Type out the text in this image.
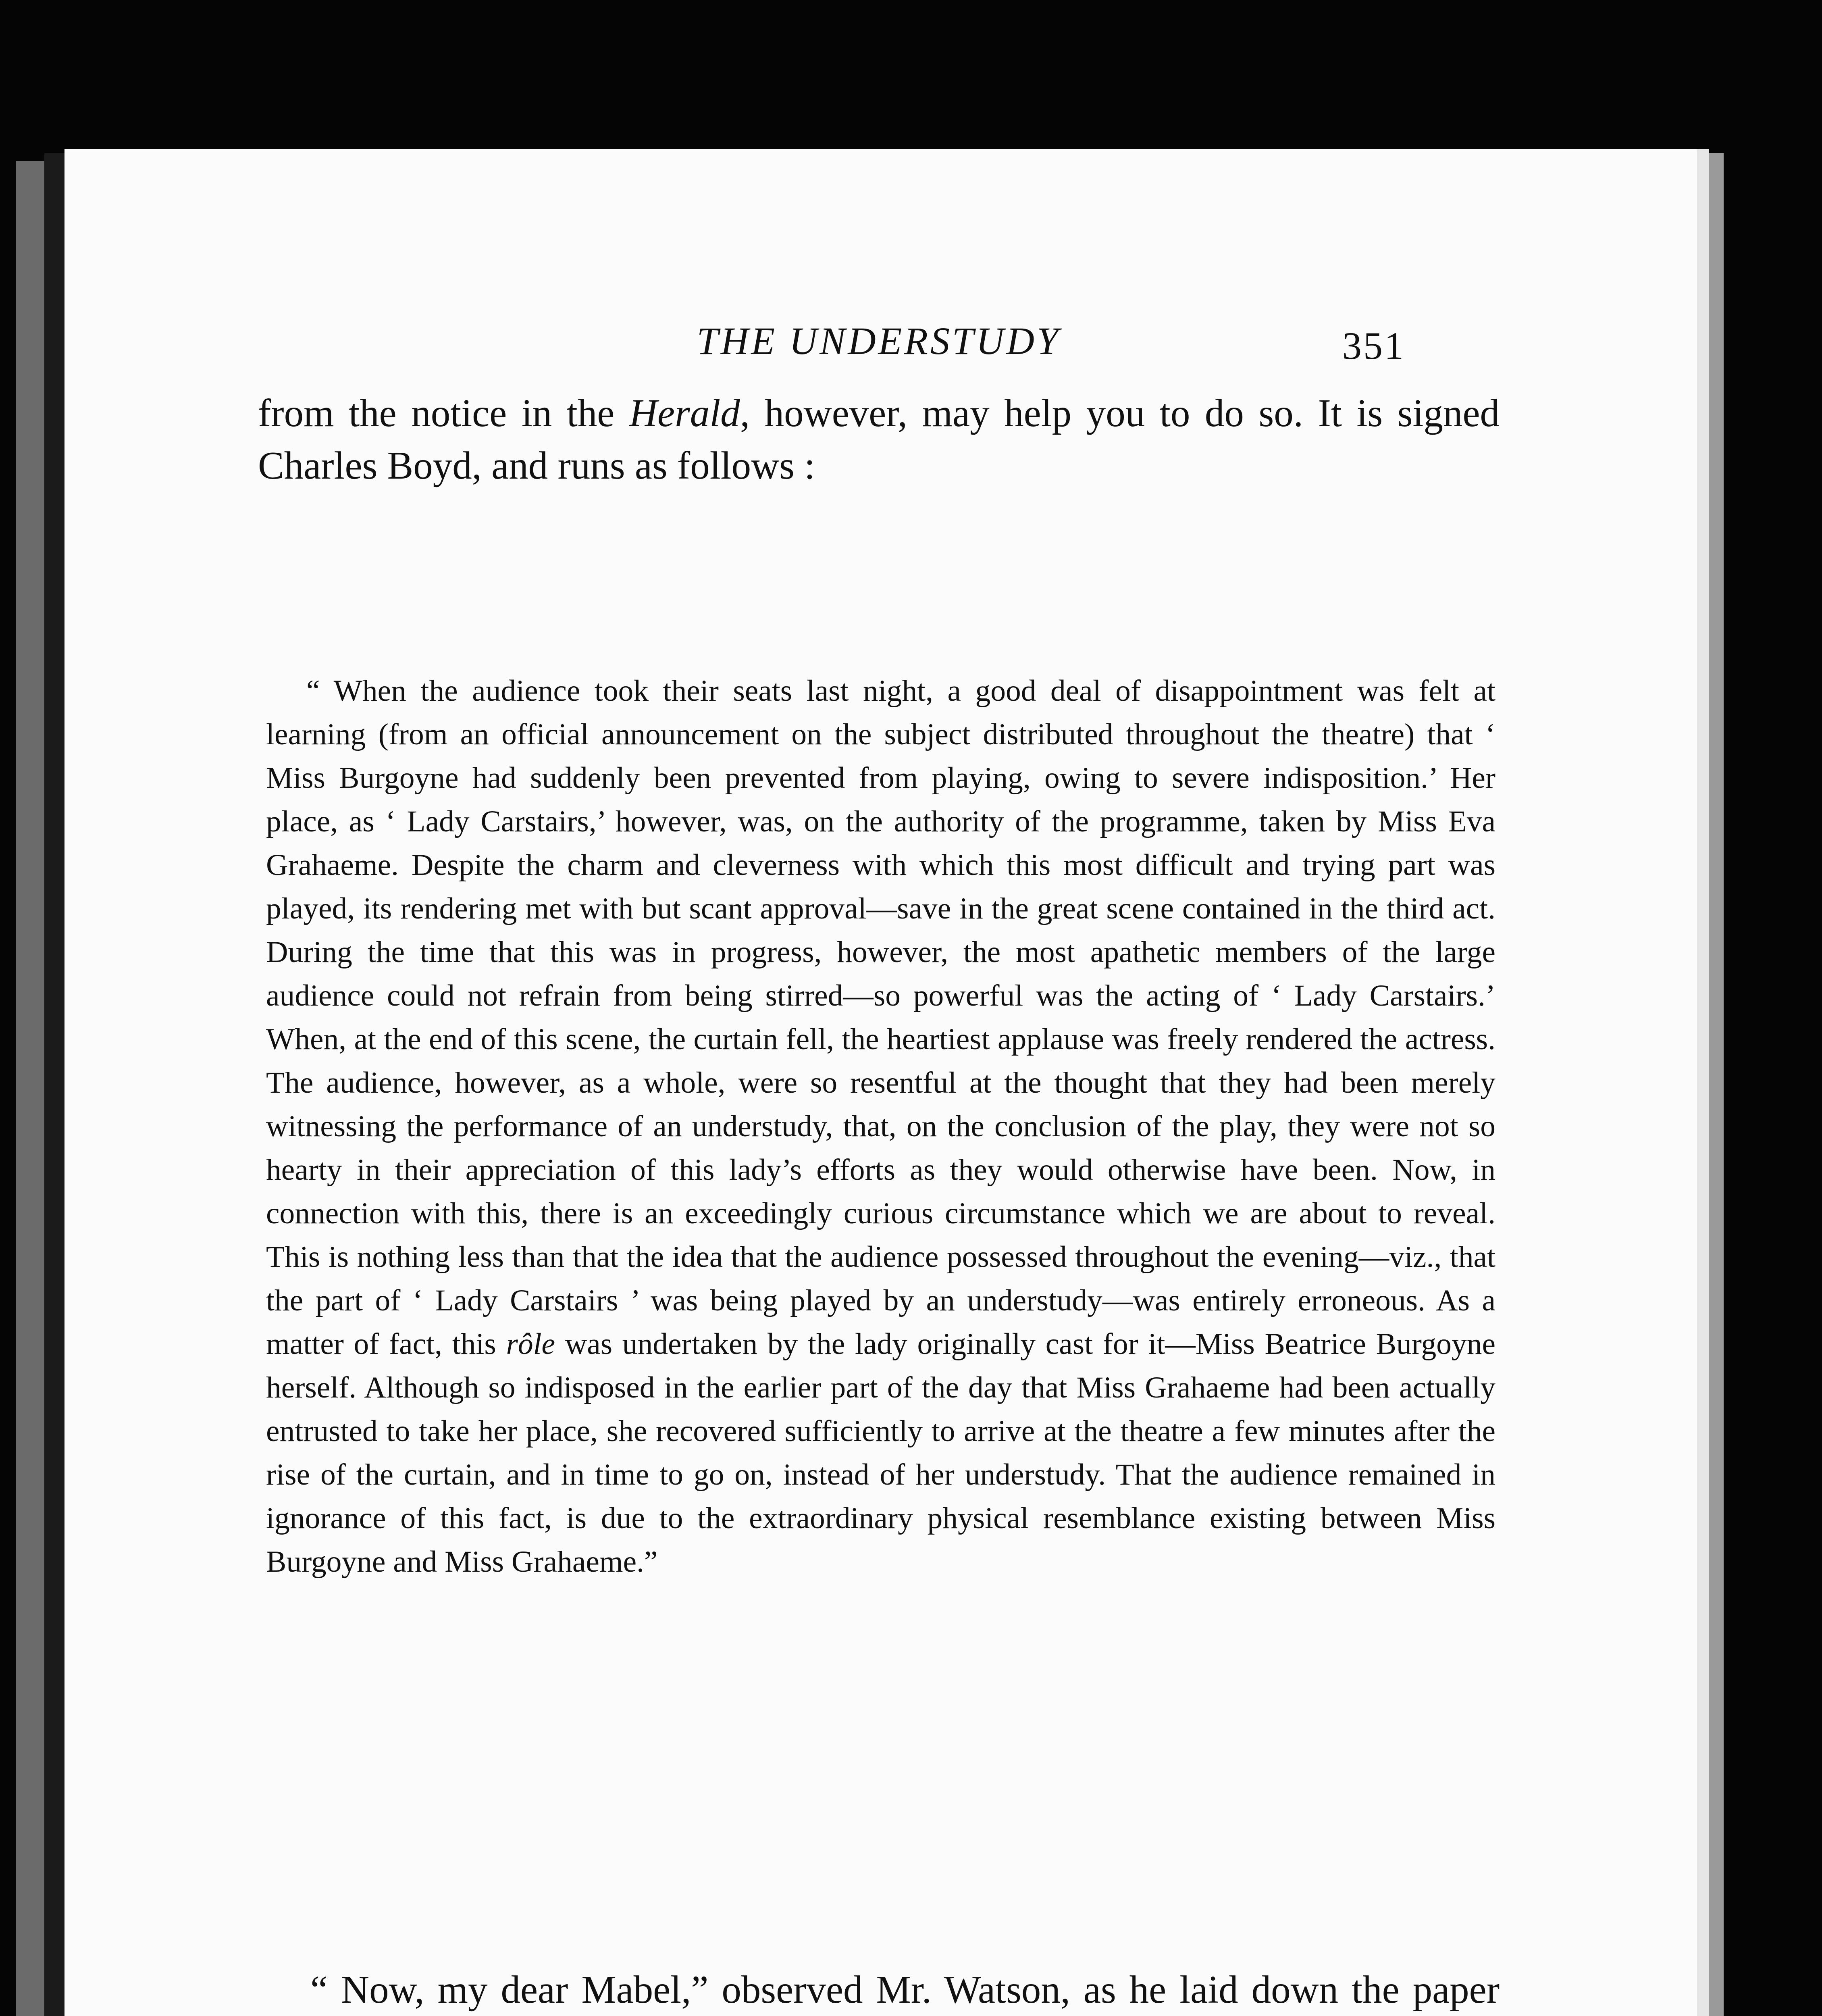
THE UNDERSTUDY	351

from the notice in the Herald, however, may help you to do so. It is signed Charles Boyd, and runs as follows :

“ When the audience took their seats last night, a good deal of disappointment was felt at learning (from an official announcement on the subject distributed throughout the theatre) that ‘ Miss Burgoyne had suddenly been prevented from playing, owing to severe indisposition.’ Her place, as ‘ Lady Carstairs,’ however, was, on the authority of the programme, taken by Miss Eva Grahaeme. Despite the charm and cleverness with which this most difficult and trying part was played, its rendering met with but scant approval—save in the great scene contained in the third act. During the time that this was in progress, however, the most apathetic members of the large audience could not refrain from being stirred—so powerful was the acting of ‘ Lady Carstairs.’ When, at the end of this scene, the curtain fell, the heartiest applause was freely rendered the actress. The audience, however, as a whole, were so resentful at the thought that they had been merely witnessing the performance of an understudy, that, on the conclusion of the play, they were not so hearty in their appreciation of this lady’s efforts as they would otherwise have been. Now, in connection with this, there is an exceedingly curious circumstance which we are about to reveal. This is nothing less than that the idea that the audience possessed throughout the evening—viz., that the part of ‘ Lady Carstairs ’ was being played by an understudy—was entirely erroneous. As a matter of fact, this rôle was undertaken by the lady originally cast for it—Miss Beatrice Burgoyne herself. Although so indisposed in the earlier part of the day that Miss Grahaeme had been actually entrusted to take her place, she recovered sufficiently to arrive at the theatre a few minutes after the rise of the curtain, and in time to go on, instead of her understudy. That the audience remained in ignorance of this fact, is due to the extraordinary physical resemblance existing between Miss Burgoyne and Miss Grahaeme.”

“ Now, my dear Mabel,” observed Mr. Watson, as he laid down the paper
